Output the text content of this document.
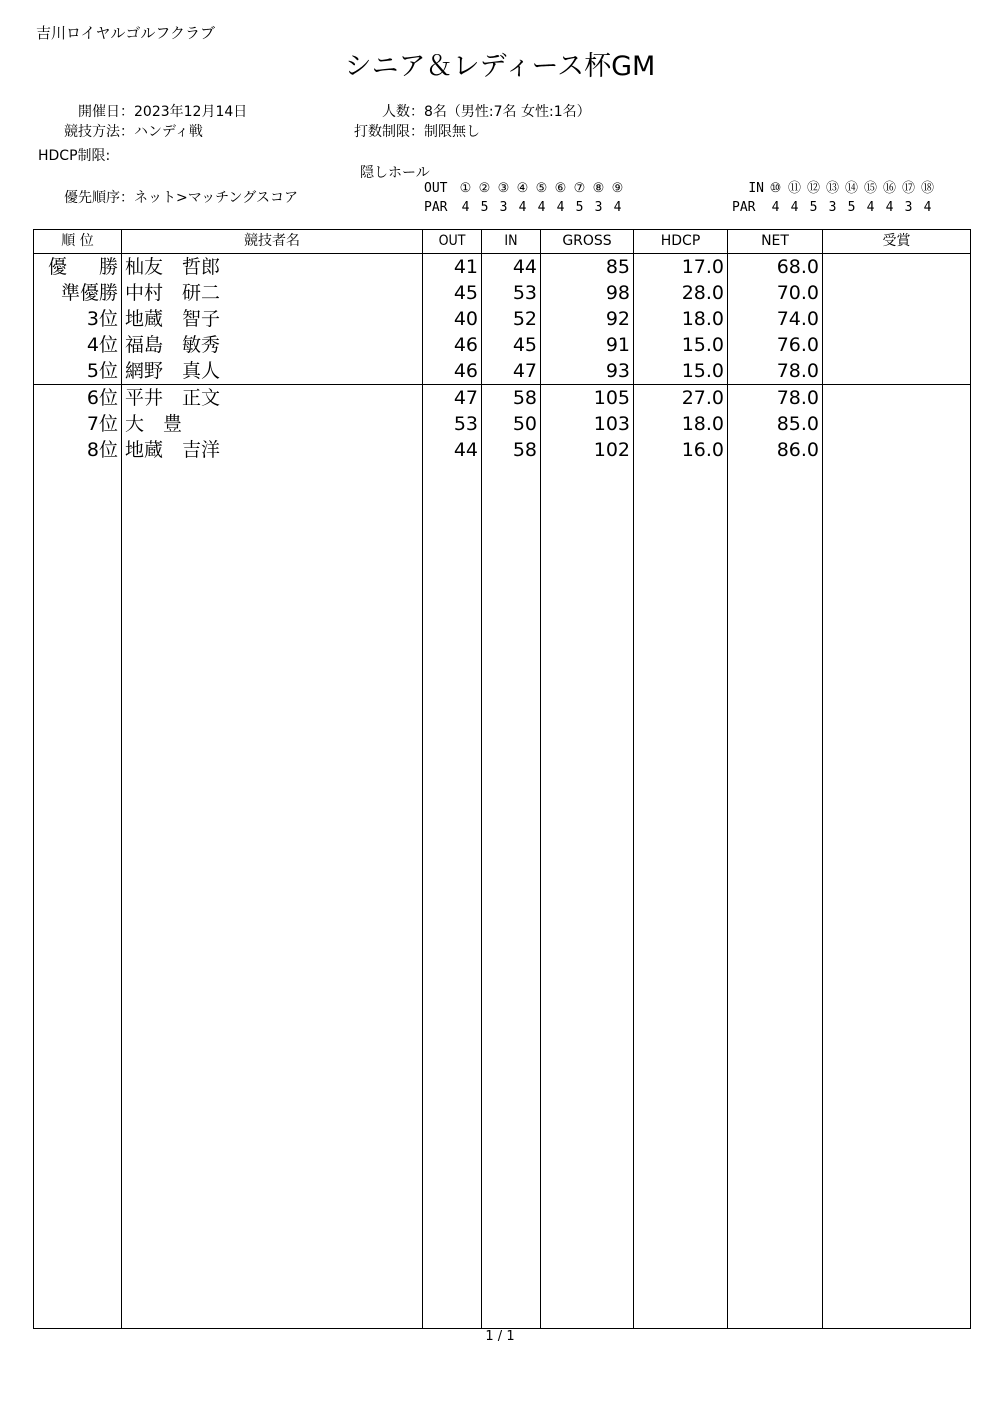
吉川ロイヤルゴルフクラブ
シニア＆レディース杯GM
開催日：2023年12月14日
競技方法：ハンディ戦
HDCP制限:
人数：8名（男性:7名 女性:1名）
打数制限：制限無し
優先順序：ネット>マッチングスコア
隠しホール
OUT ① ② ③ ④ ⑤ ⑥ ⑦ ⑧ ⑨
PAR 4 5 3 4 4 4 5 3 4
IN ⑩ ⑪ ⑫ ⑬ ⑭ ⑮ ⑯ ⑰ ⑱
PAR 4 4 5 3 5 4 4 3 4
順 位	競技者名	OUT	IN	GROSS	HDCP	NET	受賞
優 勝	杣友　哲郎	41	44	85	17.0	68.0	
準優勝	中村　研二	45	53	98	28.0	70.0	
3位	地蔵　智子	40	52	92	18.0	74.0	
4位	福島　敏秀	46	45	91	15.0	76.0	
5位	網野　真人	46	47	93	15.0	78.0	
6位	平井　正文	47	58	105	27.0	78.0	
7位	大　豊	53	50	103	18.0	85.0	
8位	地蔵　吉洋	44	58	102	16.0	86.0	

1 / 1
